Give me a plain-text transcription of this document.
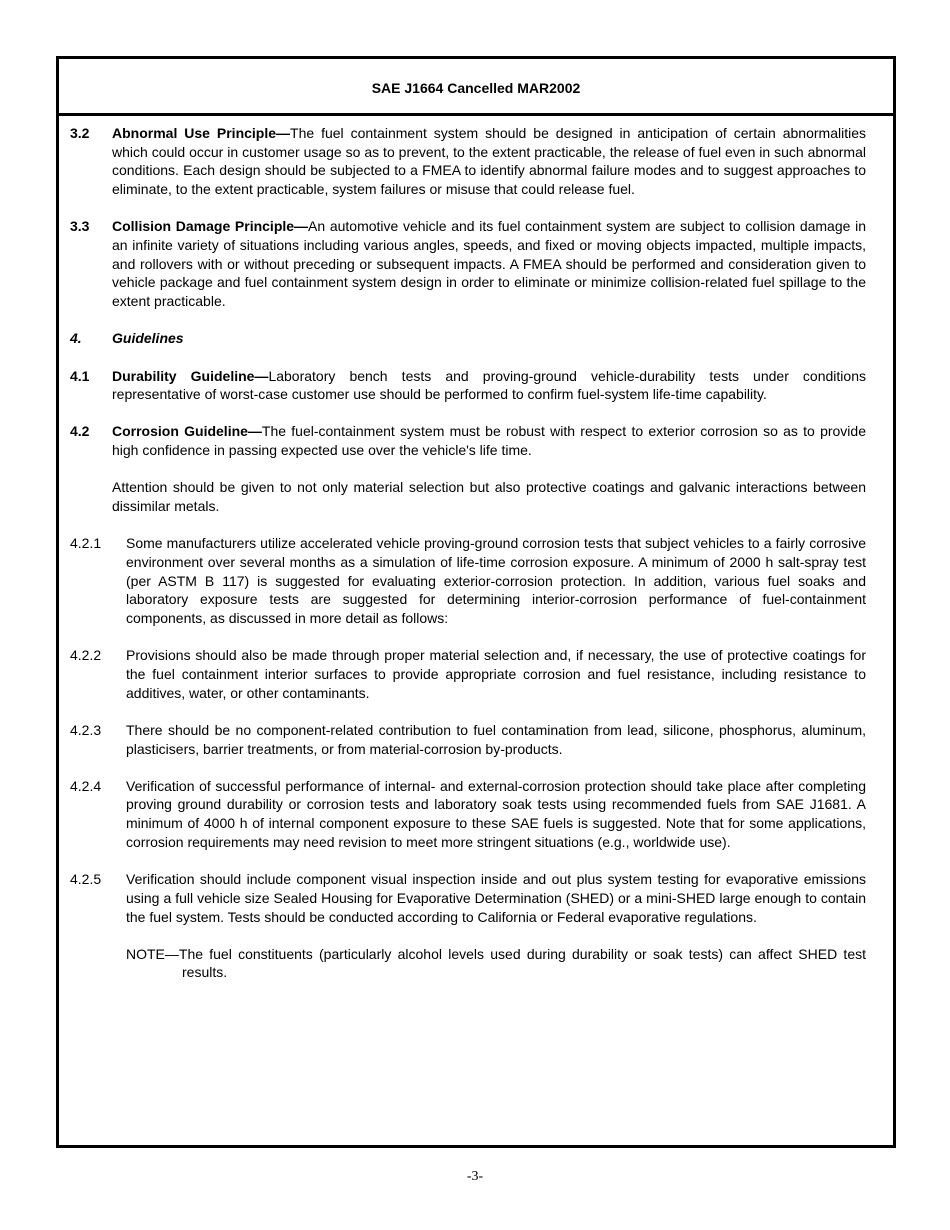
SAE J1664 Cancelled MAR2002
3.2	Abnormal Use Principle—The fuel containment system should be designed in anticipation of certain abnormalities which could occur in customer usage so as to prevent, to the extent practicable, the release of fuel even in such abnormal conditions. Each design should be subjected to a FMEA to identify abnormal failure modes and to suggest approaches to eliminate, to the extent practicable, system failures or misuse that could release fuel.
3.3	Collision Damage Principle—An automotive vehicle and its fuel containment system are subject to collision damage in an infinite variety of situations including various angles, speeds, and fixed or moving objects impacted, multiple impacts, and rollovers with or without preceding or subsequent impacts. A FMEA should be performed and consideration given to vehicle package and fuel containment system design in order to eliminate or minimize collision-related fuel spillage to the extent practicable.
4.	Guidelines
4.1	Durability Guideline—Laboratory bench tests and proving-ground vehicle-durability tests under conditions representative of worst-case customer use should be performed to confirm fuel-system life-time capability.
4.2	Corrosion Guideline—The fuel-containment system must be robust with respect to exterior corrosion so as to provide high confidence in passing expected use over the vehicle's life time.
Attention should be given to not only material selection but also protective coatings and galvanic interactions between dissimilar metals.
4.2.1	Some manufacturers utilize accelerated vehicle proving-ground corrosion tests that subject vehicles to a fairly corrosive environment over several months as a simulation of life-time corrosion exposure. A minimum of 2000 h salt-spray test (per ASTM B 117) is suggested for evaluating exterior-corrosion protection. In addition, various fuel soaks and laboratory exposure tests are suggested for determining interior-corrosion performance of fuel-containment components, as discussed in more detail as follows:
4.2.2	Provisions should also be made through proper material selection and, if necessary, the use of protective coatings for the fuel containment interior surfaces to provide appropriate corrosion and fuel resistance, including resistance to additives, water, or other contaminants.
4.2.3	There should be no component-related contribution to fuel contamination from lead, silicone, phosphorus, aluminum, plasticisers, barrier treatments, or from material-corrosion by-products.
4.2.4	Verification of successful performance of internal- and external-corrosion protection should take place after completing proving ground durability or corrosion tests and laboratory soak tests using recommended fuels from SAE J1681. A minimum of 4000 h of internal component exposure to these SAE fuels is suggested. Note that for some applications, corrosion requirements may need revision to meet more stringent situations (e.g., worldwide use).
4.2.5	Verification should include component visual inspection inside and out plus system testing for evaporative emissions using a full vehicle size Sealed Housing for Evaporative Determination (SHED) or a mini-SHED large enough to contain the fuel system. Tests should be conducted according to California or Federal evaporative regulations.
NOTE—The fuel constituents (particularly alcohol levels used during durability or soak tests) can affect SHED test results.
-3-
